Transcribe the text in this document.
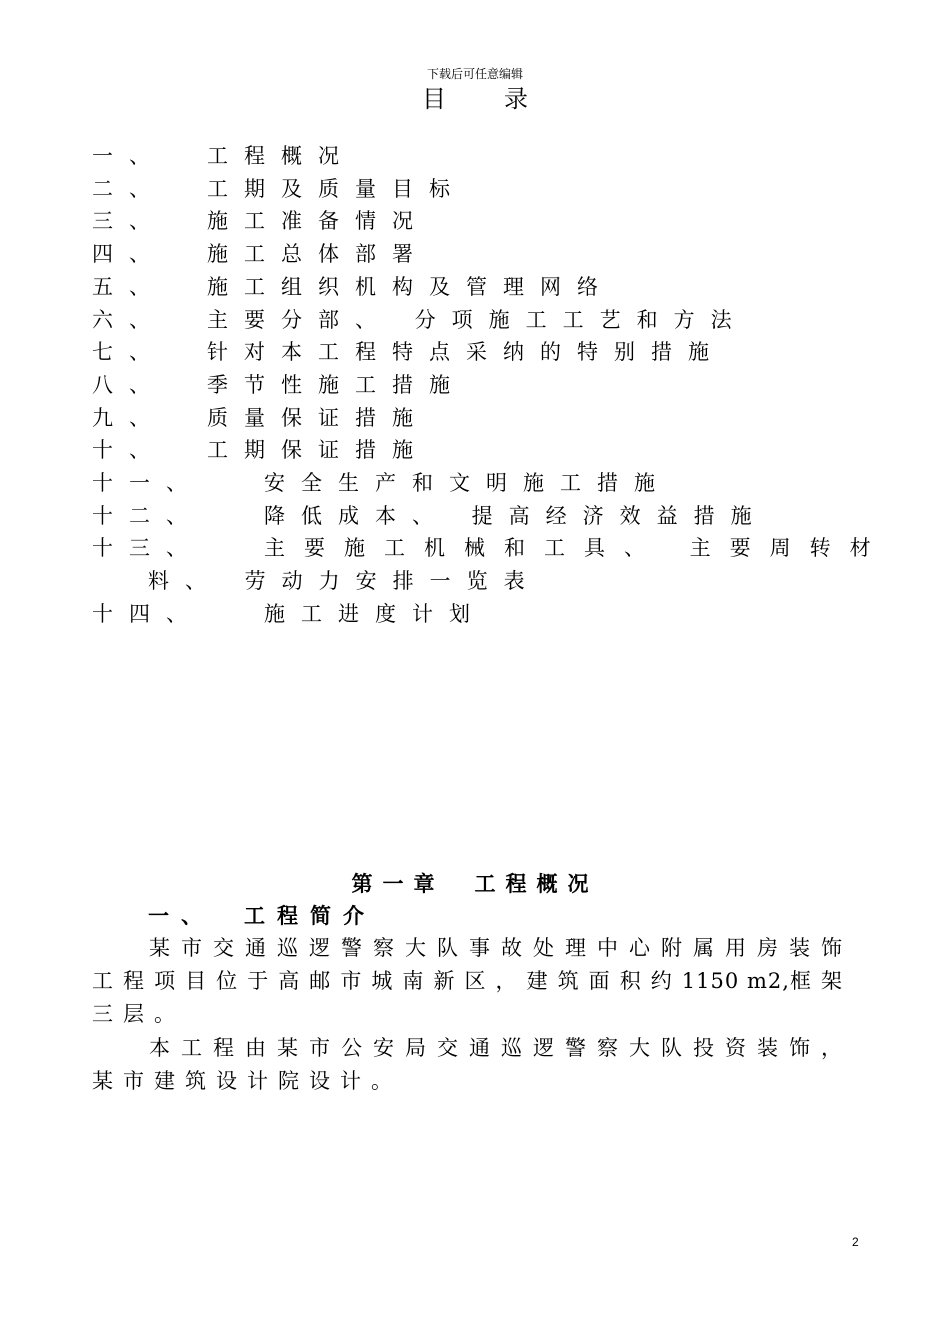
下载后可任意编辑
目 录
一、 工程概况
二、 工期及质量目标
三、 施工准备情况
四、 施工总体部署
五、 施工组织机构及管理网络
六、 主要分部、 分项施工工艺和方法
七、 针对本工程特点采纳的特别措施
八、 季节性施工措施
九、 质量保证措施
十、 工期保证措施
十一、	安全生产和文明施工措施
十二、	降低成本、 提高经济效益措施
十三、	主要施工机械和工具、 主要周转材
料、 劳动力安排一览表
十四、	施工进度计划
第一章 工程概况
一、 工程简介
某市交通巡逻警察大队事故处理中心附属用房装饰工程项目位于高邮市城南新区，建筑面积约1150 m2,框架三层。
本工程由某市公安局交通巡逻警察大队投资装饰，某市建筑设计院设计。
2
